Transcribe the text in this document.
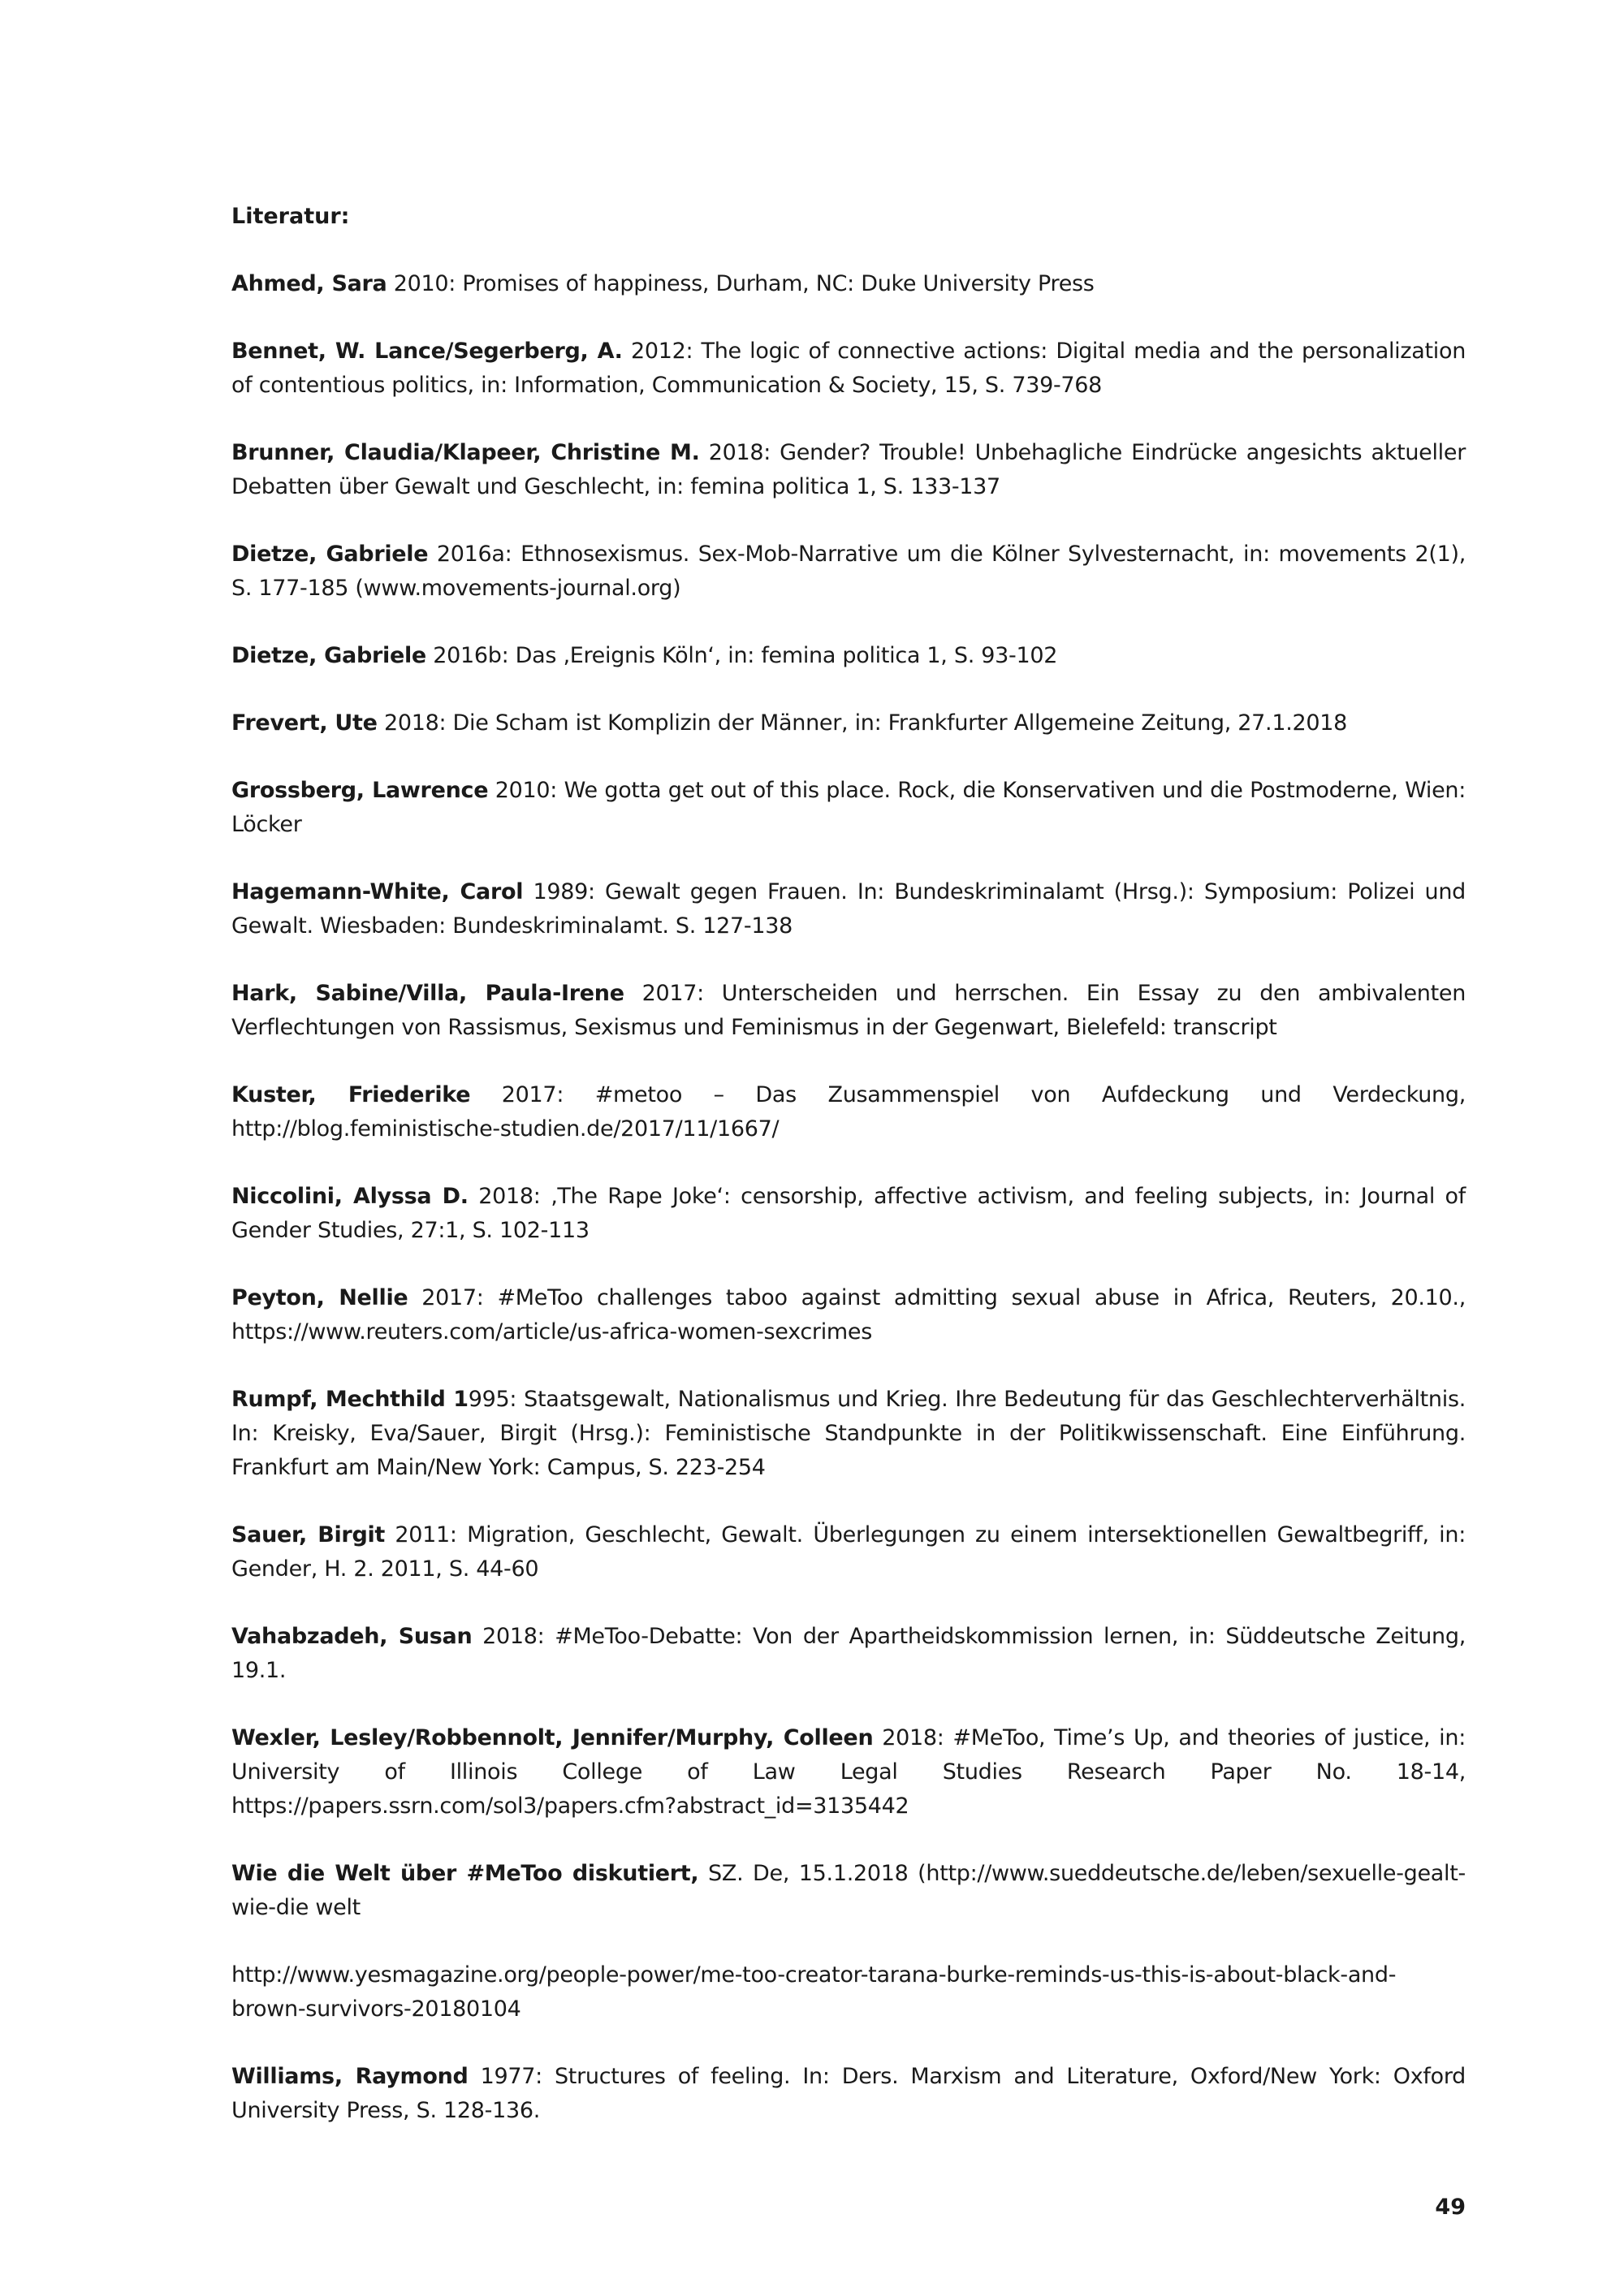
Literatur:
Ahmed, Sara 2010: Promises of happiness, Durham, NC: Duke University Press
Bennet, W. Lance/Segerberg, A. 2012: The logic of connective actions: Digital media and the personalization of contentious politics, in: Information, Communication & Society, 15, S. 739-768
Brunner, Claudia/Klapeer, Christine M. 2018: Gender? Trouble! Unbehagliche Eindrücke angesichts aktueller Debatten über Gewalt und Geschlecht, in: femina politica 1, S. 133-137
Dietze, Gabriele 2016a: Ethnosexismus. Sex-Mob-Narrative um die Kölner Sylvesternacht, in: movements 2(1), S. 177-185 (www.movements-journal.org)
Dietze, Gabriele 2016b: Das ‚Ereignis Köln‘, in: femina politica 1, S. 93-102
Frevert, Ute 2018: Die Scham ist Komplizin der Männer, in: Frankfurter Allgemeine Zeitung, 27.1.2018
Grossberg, Lawrence 2010: We gotta get out of this place. Rock, die Konservativen und die Postmoderne, Wien: Löcker
Hagemann-White, Carol 1989: Gewalt gegen Frauen. In: Bundeskriminalamt (Hrsg.): Symposium: Polizei und Gewalt. Wiesbaden: Bundeskriminalamt. S. 127-138
Hark, Sabine/Villa, Paula-Irene 2017: Unterscheiden und herrschen. Ein Essay zu den ambivalenten Verflechtungen von Rassismus, Sexismus und Feminismus in der Gegenwart, Bielefeld: transcript
Kuster, Friederike 2017: #metoo – Das Zusammenspiel von Aufdeckung und Verdeckung, http://blog.feministische-studien.de/2017/11/1667/
Niccolini, Alyssa D. 2018: ‚The Rape Joke‘: censorship, affective activism, and feeling subjects, in: Journal of Gender Studies, 27:1, S. 102-113
Peyton, Nellie 2017: #MeToo challenges taboo against admitting sexual abuse in Africa, Reuters, 20.10., https://www.reuters.com/article/us-africa-women-sexcrimes
Rumpf, Mechthild 1995: Staatsgewalt, Nationalismus und Krieg. Ihre Bedeutung für das Geschlechterverhältnis. In: Kreisky, Eva/Sauer, Birgit (Hrsg.): Feministische Standpunkte in der Politikwissenschaft. Eine Einführung. Frankfurt am Main/New York: Campus, S. 223-254
Sauer, Birgit 2011: Migration, Geschlecht, Gewalt. Überlegungen zu einem intersektionellen Gewaltbegriff, in: Gender, H. 2. 2011, S. 44-60
Vahabzadeh, Susan 2018: #MeToo-Debatte: Von der Apartheidskommission lernen, in: Süddeutsche Zeitung, 19.1.
Wexler, Lesley/Robbennolt, Jennifer/Murphy, Colleen 2018: #MeToo, Time’s Up, and theories of justice, in: University of Illinois College of Law Legal Studies Research Paper No. 18-14, https://papers.ssrn.com/sol3/papers.cfm?abstract_id=3135442
Wie die Welt über #MeToo diskutiert, SZ. De, 15.1.2018 (http://www.sueddeutsche.de/leben/sexuelle-gealt-wie-die welt
http://www.yesmagazine.org/people-power/me-too-creator-tarana-burke-reminds-us-this-is-about-black-and-brown-survivors-20180104
Williams, Raymond 1977: Structures of feeling. In: Ders. Marxism and Literature, Oxford/New York: Oxford University Press, S. 128-136.
49
